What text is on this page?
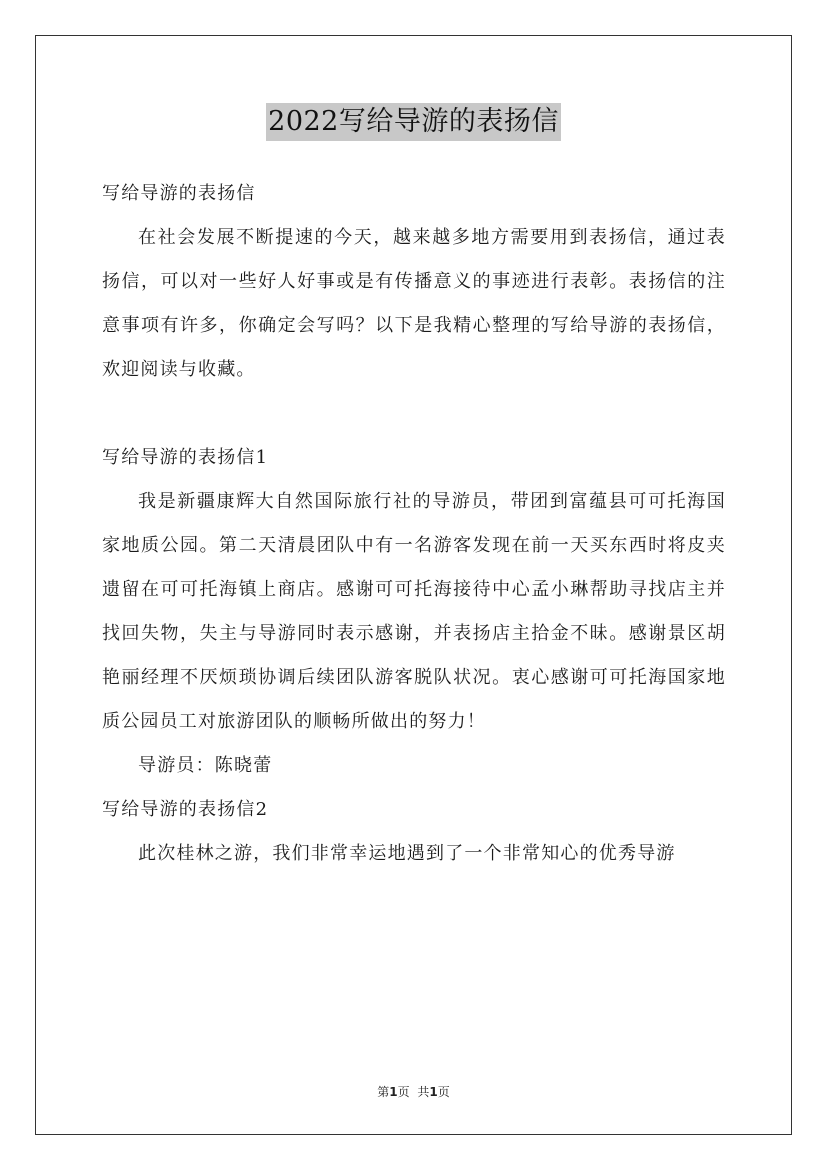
2022写给导游的表扬信

写给导游的表扬信

在社会发展不断提速的今天，越来越多地方需要用到表扬信，通过表扬信，可以对一些好人好事或是有传播意义的事迹进行表彰。表扬信的注意事项有许多，你确定会写吗？以下是我精心整理的写给导游的表扬信，欢迎阅读与收藏。

写给导游的表扬信1

我是新疆康辉大自然国际旅行社的导游员，带团到富蕴县可可托海国家地质公园。第二天清晨团队中有一名游客发现在前一天买东西时将皮夹遗留在可可托海镇上商店。感谢可可托海接待中心孟小琳帮助寻找店主并找回失物，失主与导游同时表示感谢，并表扬店主拾金不昧。感谢景区胡艳丽经理不厌烦琐协调后续团队游客脱队状况。衷心感谢可可托海国家地质公园员工对旅游团队的顺畅所做出的努力！

导游员：陈晓蕾

写给导游的表扬信2

此次桂林之游，我们非常幸运地遇到了一个非常知心的优秀导游

第1页 共1页
